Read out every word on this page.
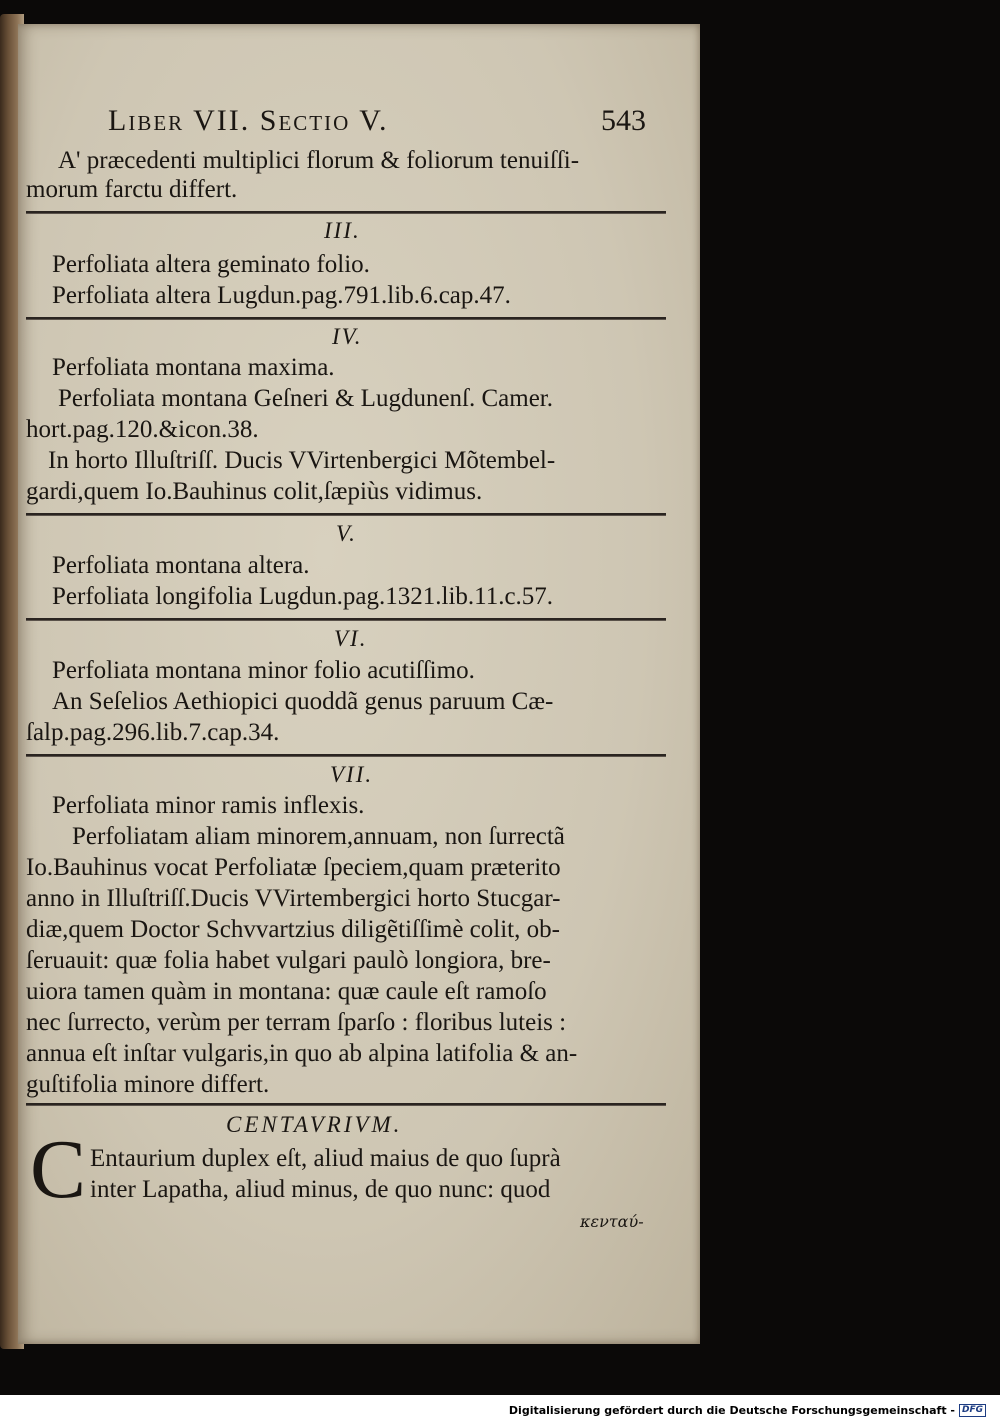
Liber VII. Sectio V.	543
A' præcedenti multiplici florum & foliorum tenuiſſi-
morum farctu differt.
III.
Perfoliata altera geminato folio.
Perfoliata altera Lugdun.pag.791.lib.6.cap.47.
IV.
Perfoliata montana maxima.
Perfoliata montana Geſneri & Lugdunenſ. Camer.
hort.pag.120.&icon.38.
In horto Illuſtriſſ. Ducis VVirtenbergici Mõtembel-
gardi,quem Io.Bauhinus colit,ſæpiùs vidimus.
V.
Perfoliata montana altera.
Perfoliata longifolia Lugdun.pag.1321.lib.11.c.57.
VI.
Perfoliata montana minor folio acutiſſimo.
An Seſelios Aethiopici quoddã genus paruum Cæ-
ſalp.pag.296.lib.7.cap.34.
VII.
Perfoliata minor ramis inflexis.
Perfoliatam aliam minorem,annuam, non ſurrectã
Io.Bauhinus vocat Perfoliatæ ſpeciem,quam præterito
anno in Illuſtriſſ.Ducis VVirtembergici horto Stucgar-
diæ,quem Doctor Schvvartzius diligẽtiſſimè colit, ob-
ſeruauit: quæ folia habet vulgari paulò longiora, bre-
uiora tamen quàm in montana: quæ caule eſt ramoſo
nec ſurrecto, verùm per terram ſparſo : floribus luteis :
annua eſt inſtar vulgaris,in quo ab alpina latifolia & an-
guſtifolia minore differt.
CENTAVRIVM.
C Entaurium duplex eſt, aliud maius de quo ſuprà
inter Lapatha, aliud minus, de quo nunc: quod
κενταύ-
Digitalisierung gefördert durch die Deutsche Forschungsgemeinschaft - DFG
